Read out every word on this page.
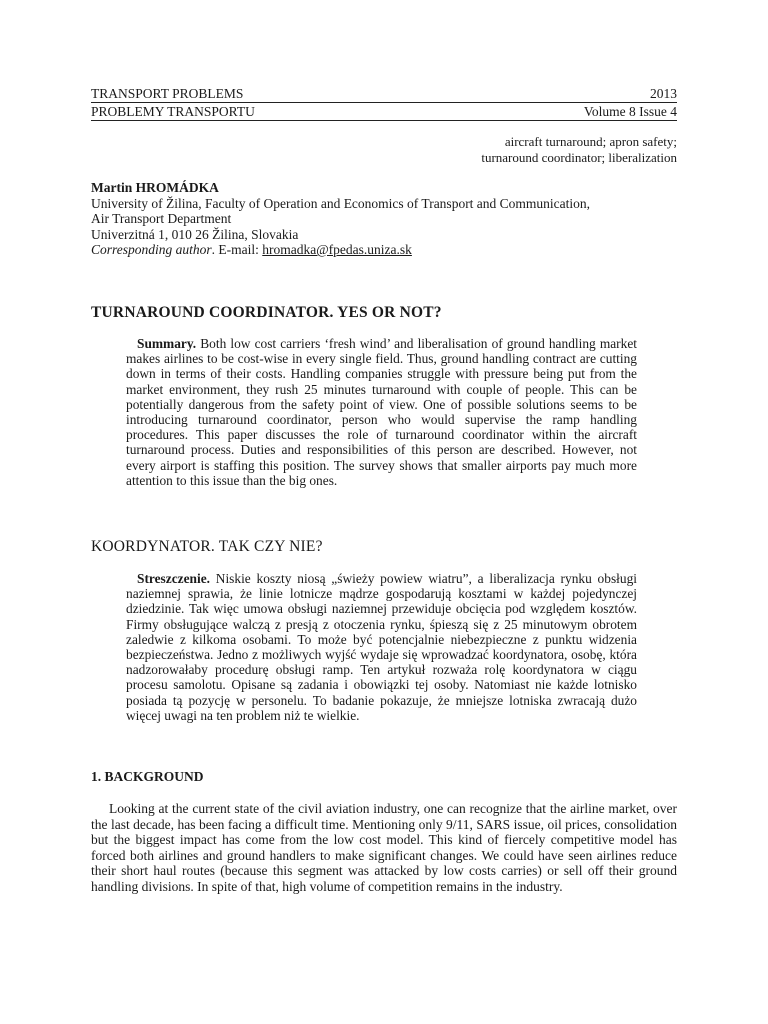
TRANSPORT PROBLEMS	2013
PROBLEMY TRANSPORTU	Volume 8 Issue 4
aircraft turnaround; apron safety;
turnaround coordinator; liberalization
Martin HROMÁDKA
University of Žilina, Faculty of Operation and Economics of Transport and Communication,
Air Transport Department
Univerzitná 1, 010 26 Žilina, Slovakia
Corresponding author. E-mail: hromadka@fpedas.uniza.sk
TURNAROUND COORDINATOR. YES OR NOT?

Summary. Both low cost carriers ‘fresh wind’ and liberalisation of ground handling market makes airlines to be cost-wise in every single field. Thus, ground handling contract are cutting down in terms of their costs. Handling companies struggle with pressure being put from the market environment, they rush 25 minutes turnaround with couple of people. This can be potentially dangerous from the safety point of view. One of possible solutions seems to be introducing turnaround coordinator, person who would supervise the ramp handling procedures. This paper discusses the role of turnaround coordinator within the aircraft turnaround process. Duties and responsibilities of this person are described. However, not every airport is staffing this position. The survey shows that smaller airports pay much more attention to this issue than the big ones.

KOORDYNATOR. TAK CZY NIE?

Streszczenie. Niskie koszty niosą „świeży powiew wiatru”, a liberalizacja rynku obsługi naziemnej sprawia, że linie lotnicze mądrze gospodarują kosztami w każdej pojedynczej dziedzinie. Tak więc umowa obsługi naziemnej przewiduje obcięcia pod względem kosztów. Firmy obsługujące walczą z presją z otoczenia rynku, śpieszą się z 25 minutowym obrotem zaledwie z kilkoma osobami. To może być potencjalnie niebezpieczne z punktu widzenia bezpieczeństwa. Jedno z możliwych wyjść wydaje się wprowadzać koordynatora, osobę, która nadzorowałaby procedurę obsługi ramp. Ten artykuł rozważa rolę koordynatora w ciągu procesu samolotu. Opisane są zadania i obowiązki tej osoby. Natomiast nie każde lotnisko posiada tą pozycję w personelu. To badanie pokazuje, że mniejsze lotniska zwracają dużo więcej uwagi na ten problem niż te wielkie.

1. BACKGROUND

Looking at the current state of the civil aviation industry, one can recognize that the airline market, over the last decade, has been facing a difficult time. Mentioning only 9/11, SARS issue, oil prices, consolidation but the biggest impact has come from the low cost model. This kind of fiercely competitive model has forced both airlines and ground handlers to make significant changes. We could have seen airlines reduce their short haul routes (because this segment was attacked by low costs carries) or sell off their ground handling divisions. In spite of that, high volume of competition remains in the industry.
